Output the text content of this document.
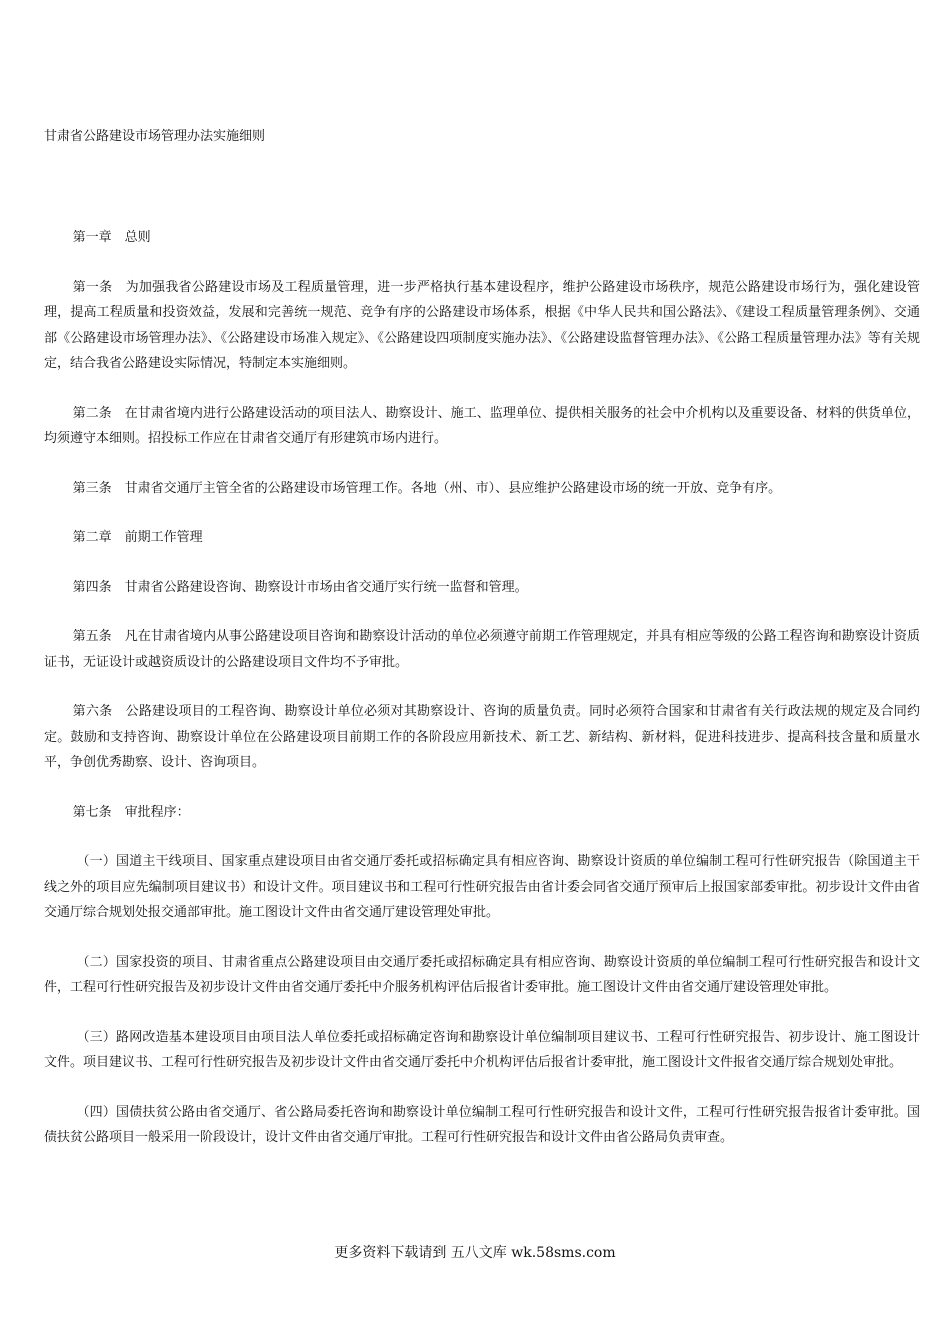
甘肃省公路建设市场管理办法实施细则

第一章　总则

第一条　为加强我省公路建设市场及工程质量管理，进一步严格执行基本建设程序，维护公路建设市场秩序，规范公路建设市场行为，强化建设管理，提高工程质量和投资效益，发展和完善统一规范、竞争有序的公路建设市场体系，根据《中华人民共和国公路法》、《建设工程质量管理条例》、交通部《公路建设市场管理办法》、《公路建设市场准入规定》、《公路建设四项制度实施办法》、《公路建设监督管理办法》、《公路工程质量管理办法》等有关规定，结合我省公路建设实际情况，特制定本实施细则。

第二条　在甘肃省境内进行公路建设活动的项目法人、勘察设计、施工、监理单位、提供相关服务的社会中介机构以及重要设备、材料的供货单位，均须遵守本细则。招投标工作应在甘肃省交通厅有形建筑市场内进行。

第三条　甘肃省交通厅主管全省的公路建设市场管理工作。各地（州、市）、县应维护公路建设市场的统一开放、竞争有序。

第二章　前期工作管理

第四条　甘肃省公路建设咨询、勘察设计市场由省交通厅实行统一监督和管理。

第五条　凡在甘肃省境内从事公路建设项目咨询和勘察设计活动的单位必须遵守前期工作管理规定，并具有相应等级的公路工程咨询和勘察设计资质证书，无证设计或越资质设计的公路建设项目文件均不予审批。

第六条　公路建设项目的工程咨询、勘察设计单位必须对其勘察设计、咨询的质量负责。同时必须符合国家和甘肃省有关行政法规的规定及合同约定。鼓励和支持咨询、勘察设计单位在公路建设项目前期工作的各阶段应用新技术、新工艺、新结构、新材料，促进科技进步、提高科技含量和质量水平，争创优秀勘察、设计、咨询项目。

第七条　审批程序：

（一）国道主干线项目、国家重点建设项目由省交通厅委托或招标确定具有相应咨询、勘察设计资质的单位编制工程可行性研究报告（除国道主干线之外的项目应先编制项目建议书）和设计文件。项目建议书和工程可行性研究报告由省计委会同省交通厅预审后上报国家部委审批。初步设计文件由省交通厅综合规划处报交通部审批。施工图设计文件由省交通厅建设管理处审批。

（二）国家投资的项目、甘肃省重点公路建设项目由交通厅委托或招标确定具有相应咨询、勘察设计资质的单位编制工程可行性研究报告和设计文件，工程可行性研究报告及初步设计文件由省交通厅委托中介服务机构评估后报省计委审批。施工图设计文件由省交通厅建设管理处审批。

（三）路网改造基本建设项目由项目法人单位委托或招标确定咨询和勘察设计单位编制项目建议书、工程可行性研究报告、初步设计、施工图设计文件。项目建议书、工程可行性研究报告及初步设计文件由省交通厅委托中介机构评估后报省计委审批，施工图设计文件报省交通厅综合规划处审批。

（四）国债扶贫公路由省交通厅、省公路局委托咨询和勘察设计单位编制工程可行性研究报告和设计文件，工程可行性研究报告报省计委审批。国债扶贫公路项目一般采用一阶段设计，设计文件由省交通厅审批。工程可行性研究报告和设计文件由省公路局负责审查。

更多资料下载请到 五八文库 wk.58sms.com
